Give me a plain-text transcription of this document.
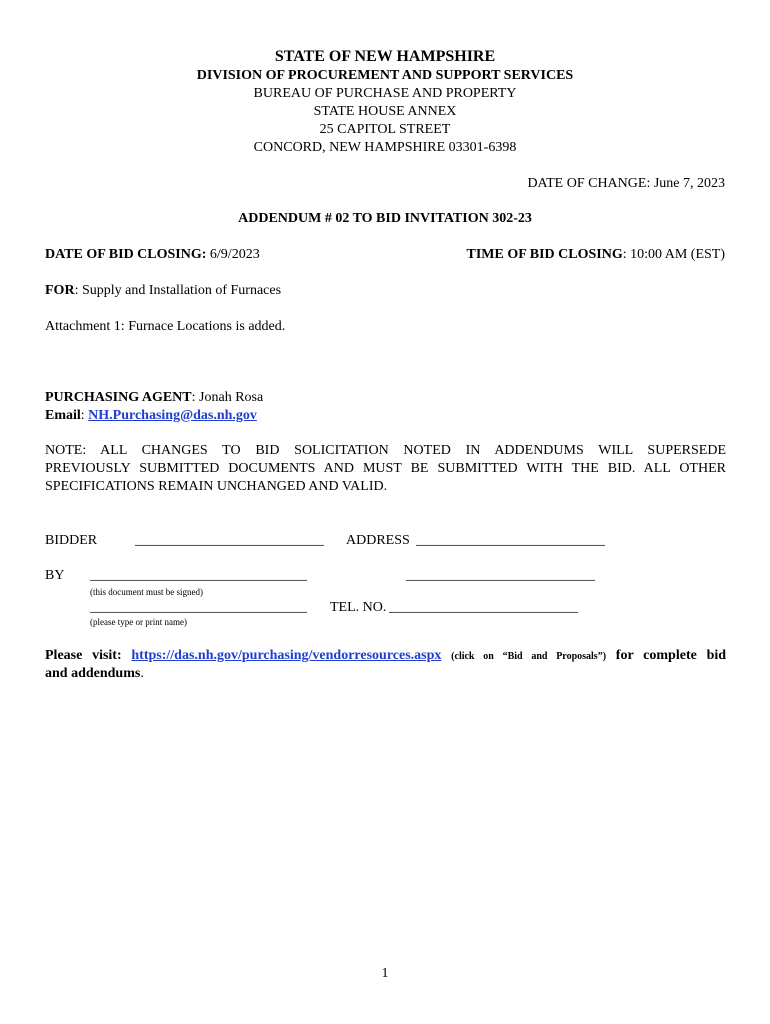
STATE OF NEW HAMPSHIRE
DIVISION OF PROCUREMENT AND SUPPORT SERVICES
BUREAU OF PURCHASE AND PROPERTY
STATE HOUSE ANNEX
25 CAPITOL STREET
CONCORD, NEW HAMPSHIRE 03301-6398
DATE OF CHANGE: June 7, 2023
ADDENDUM # 02 TO BID INVITATION 302-23
DATE OF BID CLOSING: 6/9/2023	TIME OF BID CLOSING: 10:00 AM (EST)
FOR: Supply and Installation of Furnaces
Attachment 1: Furnace Locations is added.
PURCHASING AGENT: Jonah Rosa
Email: NH.Purchasing@das.nh.gov
NOTE: ALL CHANGES TO BID SOLICITATION NOTED IN ADDENDUMS WILL SUPERSEDE
PREVIOUSLY SUBMITTED DOCUMENTS AND MUST BE SUBMITTED WITH THE BID. ALL OTHER
SPECIFICATIONS REMAIN UNCHANGED AND VALID.
BIDDER	___________________________ ADDRESS ___________________________
BY _______________________________	___________________________
(this document must be signed)
_______________________________ TEL. NO. ___________________________
(please type or print name)
Please visit: https://das.nh.gov/purchasing/vendorresources.aspx (click on “Bid and Proposals”) for complete bid
and addendums.
1
